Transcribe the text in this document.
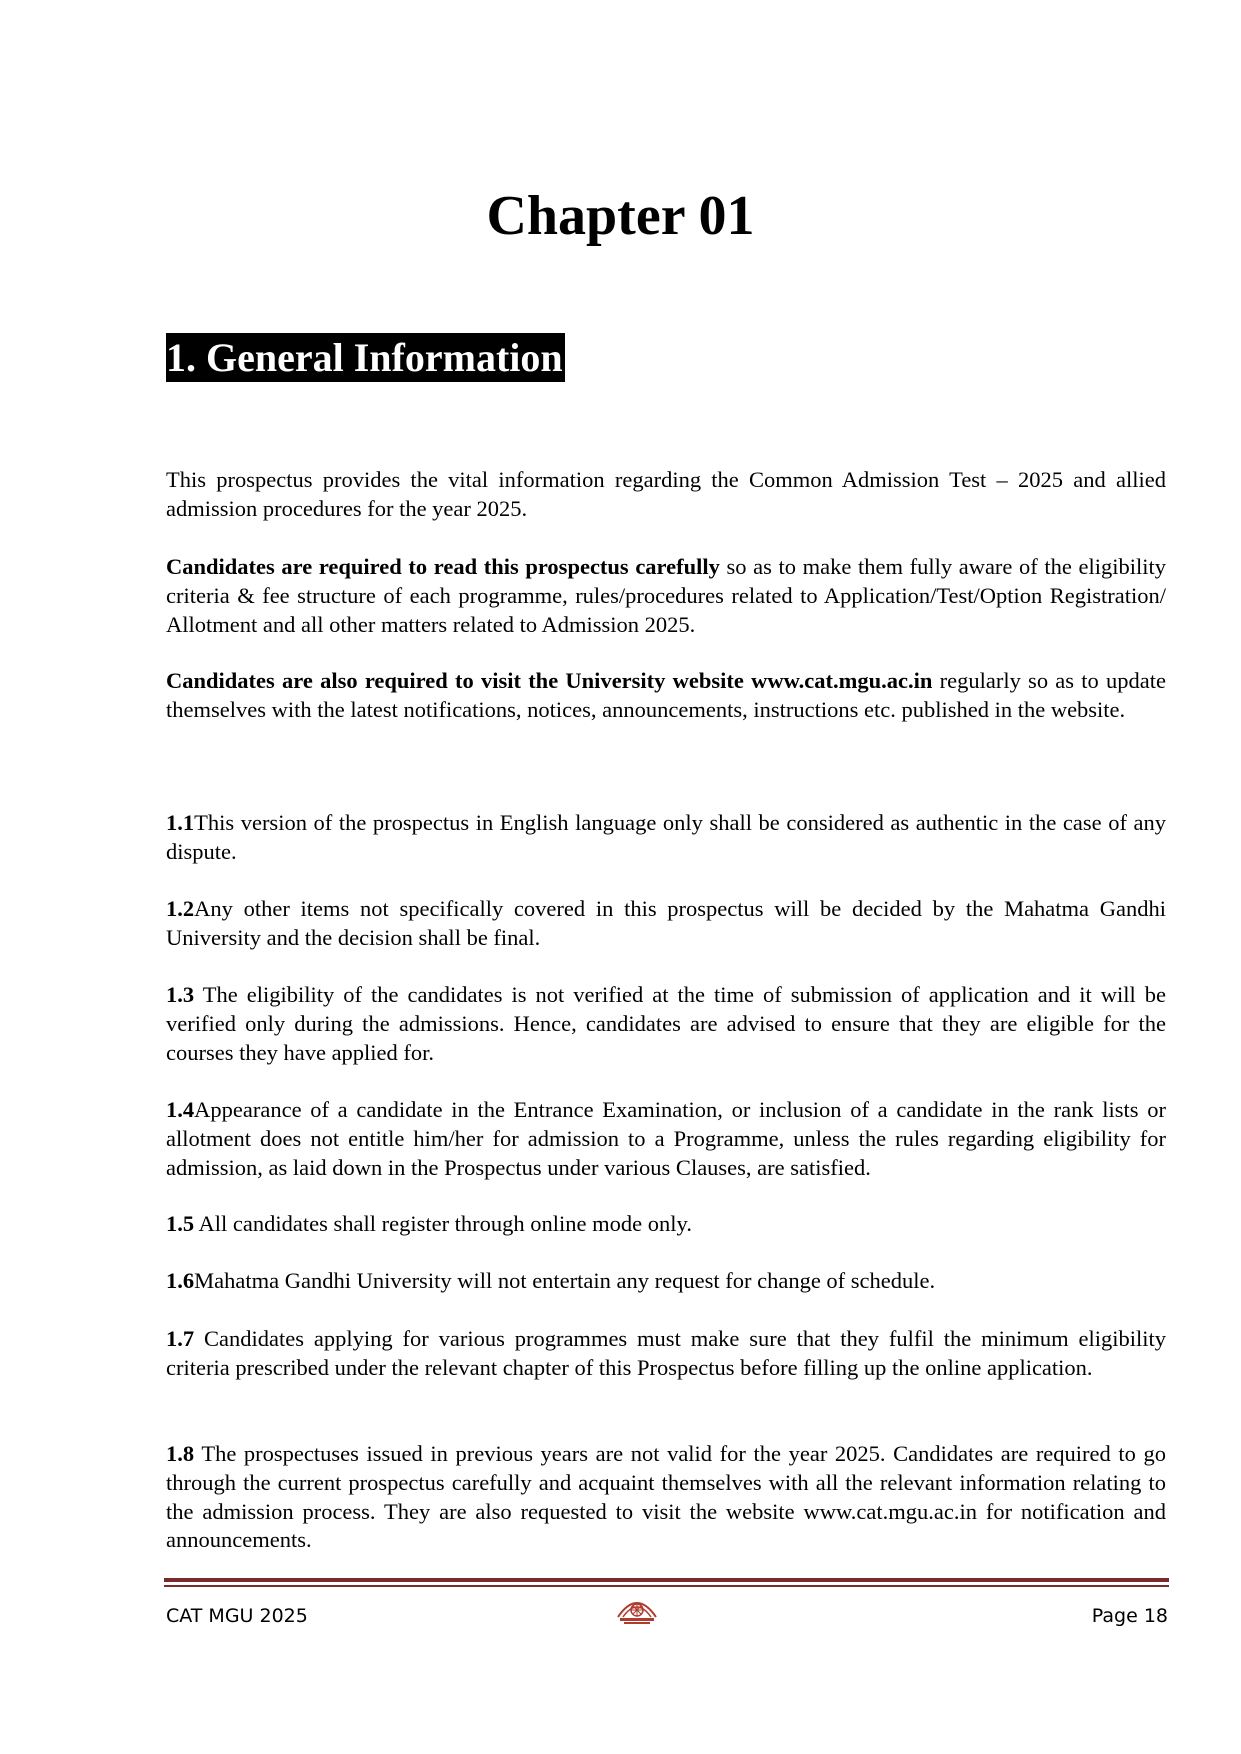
Chapter 01
1. General Information

This prospectus provides the vital information regarding the Common Admission Test – 2025 and allied admission procedures for the year 2025.

Candidates are required to read this prospectus carefully so as to make them fully aware of the eligibility criteria & fee structure of each programme, rules/procedures related to Application/Test/Option Registration/ Allotment and all other matters related to Admission 2025.

Candidates are also required to visit the University website www.cat.mgu.ac.in regularly so as to update themselves with the latest notifications, notices, announcements, instructions etc. published in the website.

1.1This version of the prospectus in English language only shall be considered as authentic in the case of any dispute.

1.2Any other items not specifically covered in this prospectus will be decided by the Mahatma Gandhi University and the decision shall be final.

1.3 The eligibility of the candidates is not verified at the time of submission of application and it will be verified only during the admissions. Hence, candidates are advised to ensure that they are eligible for the courses they have applied for.

1.4Appearance of a candidate in the Entrance Examination, or inclusion of a candidate in the rank lists or allotment does not entitle him/her for admission to a Programme, unless the rules regarding eligibility for admission, as laid down in the Prospectus under various Clauses, are satisfied.

1.5 All candidates shall register through online mode only.

1.6Mahatma Gandhi University will not entertain any request for change of schedule.

1.7 Candidates applying for various programmes must make sure that they fulfil the minimum eligibility criteria prescribed under the relevant chapter of this Prospectus before filling up the online application.

1.8 The prospectuses issued in previous years are not valid for the year 2025. Candidates are required to go through the current prospectus carefully and acquaint themselves with all the relevant information relating to the admission process. They are also requested to visit the website www.cat.mgu.ac.in for notification and announcements.

CAT MGU 2025	Page 18
